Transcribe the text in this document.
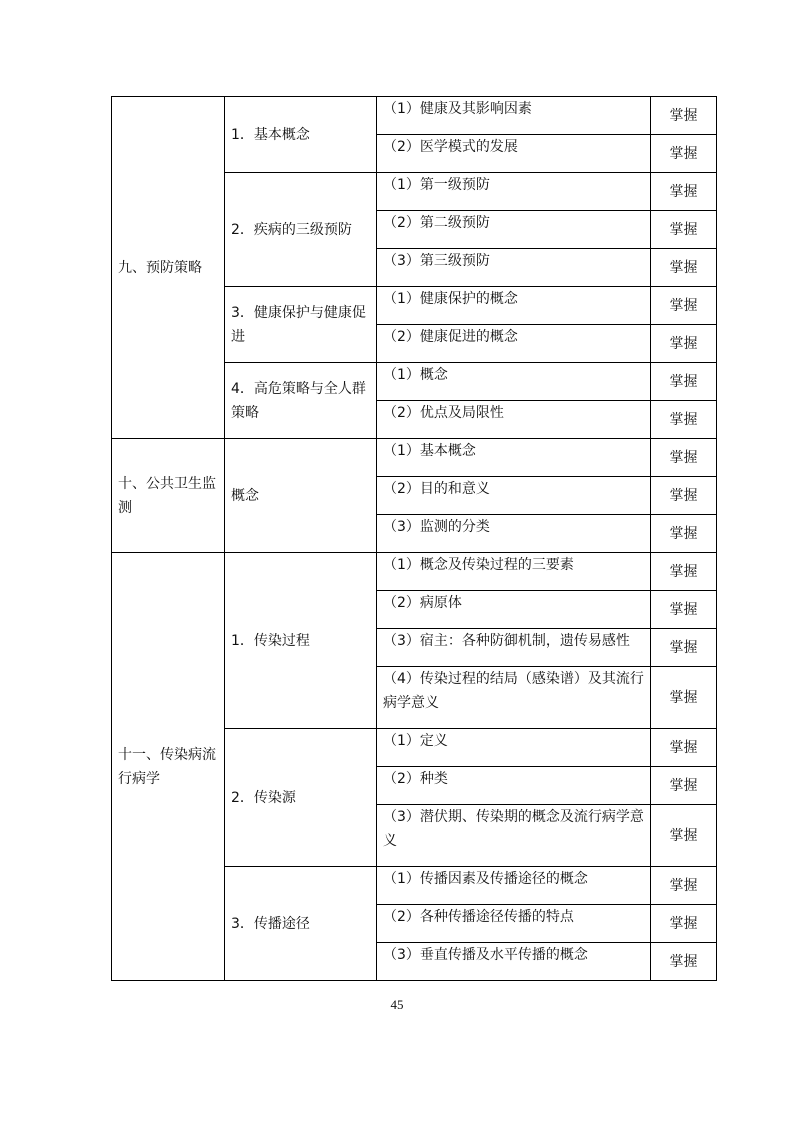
九、预防策略	1．基本概念	（1）健康及其影响因素	掌握
		（2）医学模式的发展	掌握
	2．疾病的三级预防	（1）第一级预防	掌握
		（2）第二级预防	掌握
		（3）第三级预防	掌握
	3．健康保护与健康促进	（1）健康保护的概念	掌握
		（2）健康促进的概念	掌握
	4．高危策略与全人群策略	（1）概念	掌握
		（2）优点及局限性	掌握
十、公共卫生监测	概念	（1）基本概念	掌握
		（2）目的和意义	掌握
		（3）监测的分类	掌握
十一、传染病流行病学	1．传染过程	（1）概念及传染过程的三要素	掌握
		（2）病原体	掌握
		（3）宿主：各种防御机制，遗传易感性	掌握
		（4）传染过程的结局（感染谱）及其流行病学意义	掌握
	2．传染源	（1）定义	掌握
		（2）种类	掌握
		（3）潜伏期、传染期的概念及流行病学意义	掌握
	3．传播途径	（1）传播因素及传播途径的概念	掌握
		（2）各种传播途径传播的特点	掌握
		（3）垂直传播及水平传播的概念	掌握
45
